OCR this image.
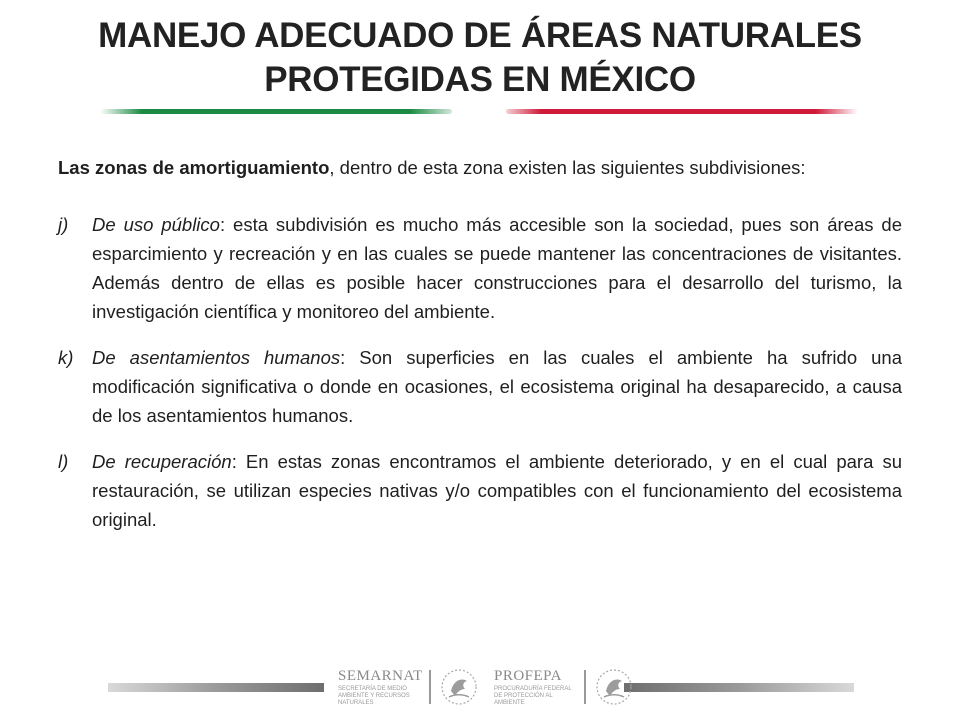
MANEJO ADECUADO DE ÁREAS NATURALES
PROTEGIDAS EN MÉXICO

Las zonas de amortiguamiento, dentro de esta zona existen las siguientes subdivisiones:

j) De uso público: esta subdivisión es mucho más accesible son la sociedad, pues son áreas de esparcimiento y recreación y en las cuales se puede mantener las concentraciones de visitantes. Además dentro de ellas es posible hacer construcciones para el desarrollo del turismo, la investigación científica y monitoreo del ambiente.
k) De asentamientos humanos: Son superficies en las cuales el ambiente ha sufrido una modificación significativa o donde en ocasiones, el ecosistema original ha desaparecido, a causa de los asentamientos humanos.
l) De recuperación: En estas zonas encontramos el ambiente deteriorado, y en el cual para su restauración, se utilizan especies nativas y/o compatibles con el funcionamiento del ecosistema original.
SEMARNAT
SECRETARÍA DE MEDIO AMBIENTE Y RECURSOS NATURALES
PROFEPA
PROCURADURÍA FEDERAL DE PROTECCIÓN AL AMBIENTE
